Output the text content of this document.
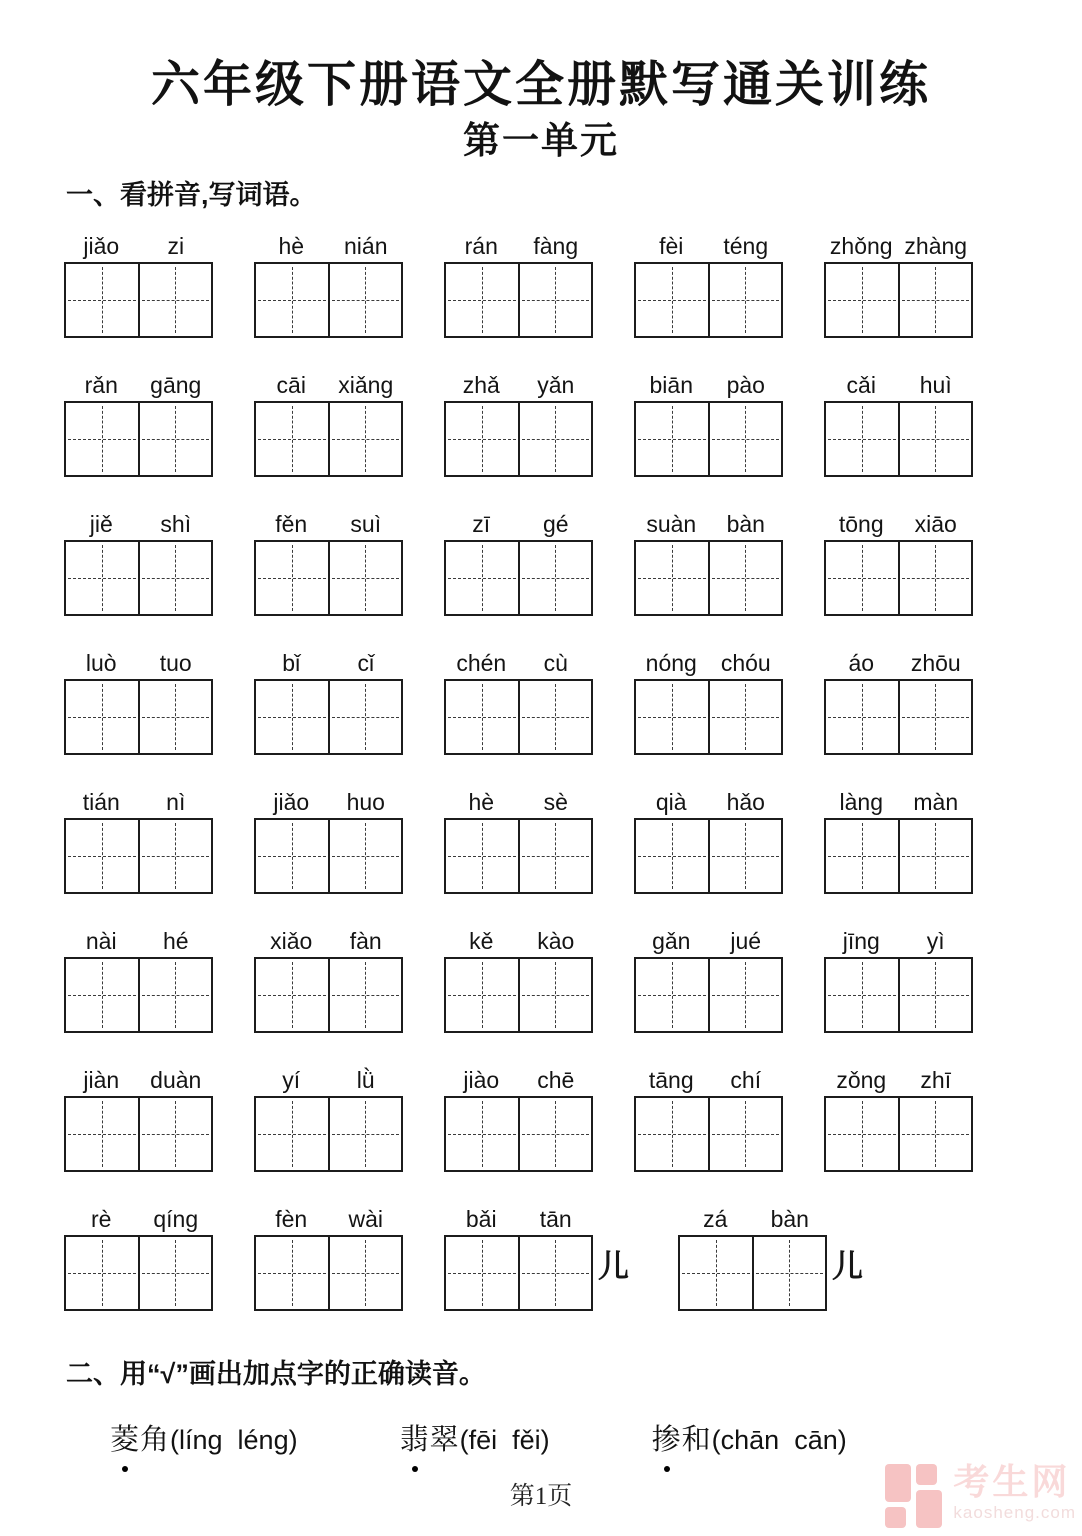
六年级下册语文全册默写通关训练
第一单元
一、看拼音,写词语。
jiǎo	zi	hè	nián	rán	fàng	fèi	téng	zhǒng zhàng
rǎn	gāng	cāi	xiǎng	zhǎ	yǎn	biān	pào	cǎi	huì
jiě	shì	fěn	suì	zī	gé	suàn	bàn	tōng	xiāo
luò	tuo	bǐ	cǐ	chén	cù	nóng	chóu	áo	zhōu
tián	nì	jiǎo	huo	hè	sè	qià	hǎo	làng	màn
nài	hé	xiǎo	fàn	kě	kào	gǎn	jué	jīng	yì
jiàn	duàn	yí	lǜ	jiào	chē	tāng	chí	zǒng	zhī
rè	qíng	fèn	wài	bǎi	tān
儿
zá	bàn
儿
二、用“√”画出加点字的正确读音。
菱角(líng  léng)	翡翠(fēi  fěi)	掺和(chān  cān)
第1页	考生网
kaosheng.com
